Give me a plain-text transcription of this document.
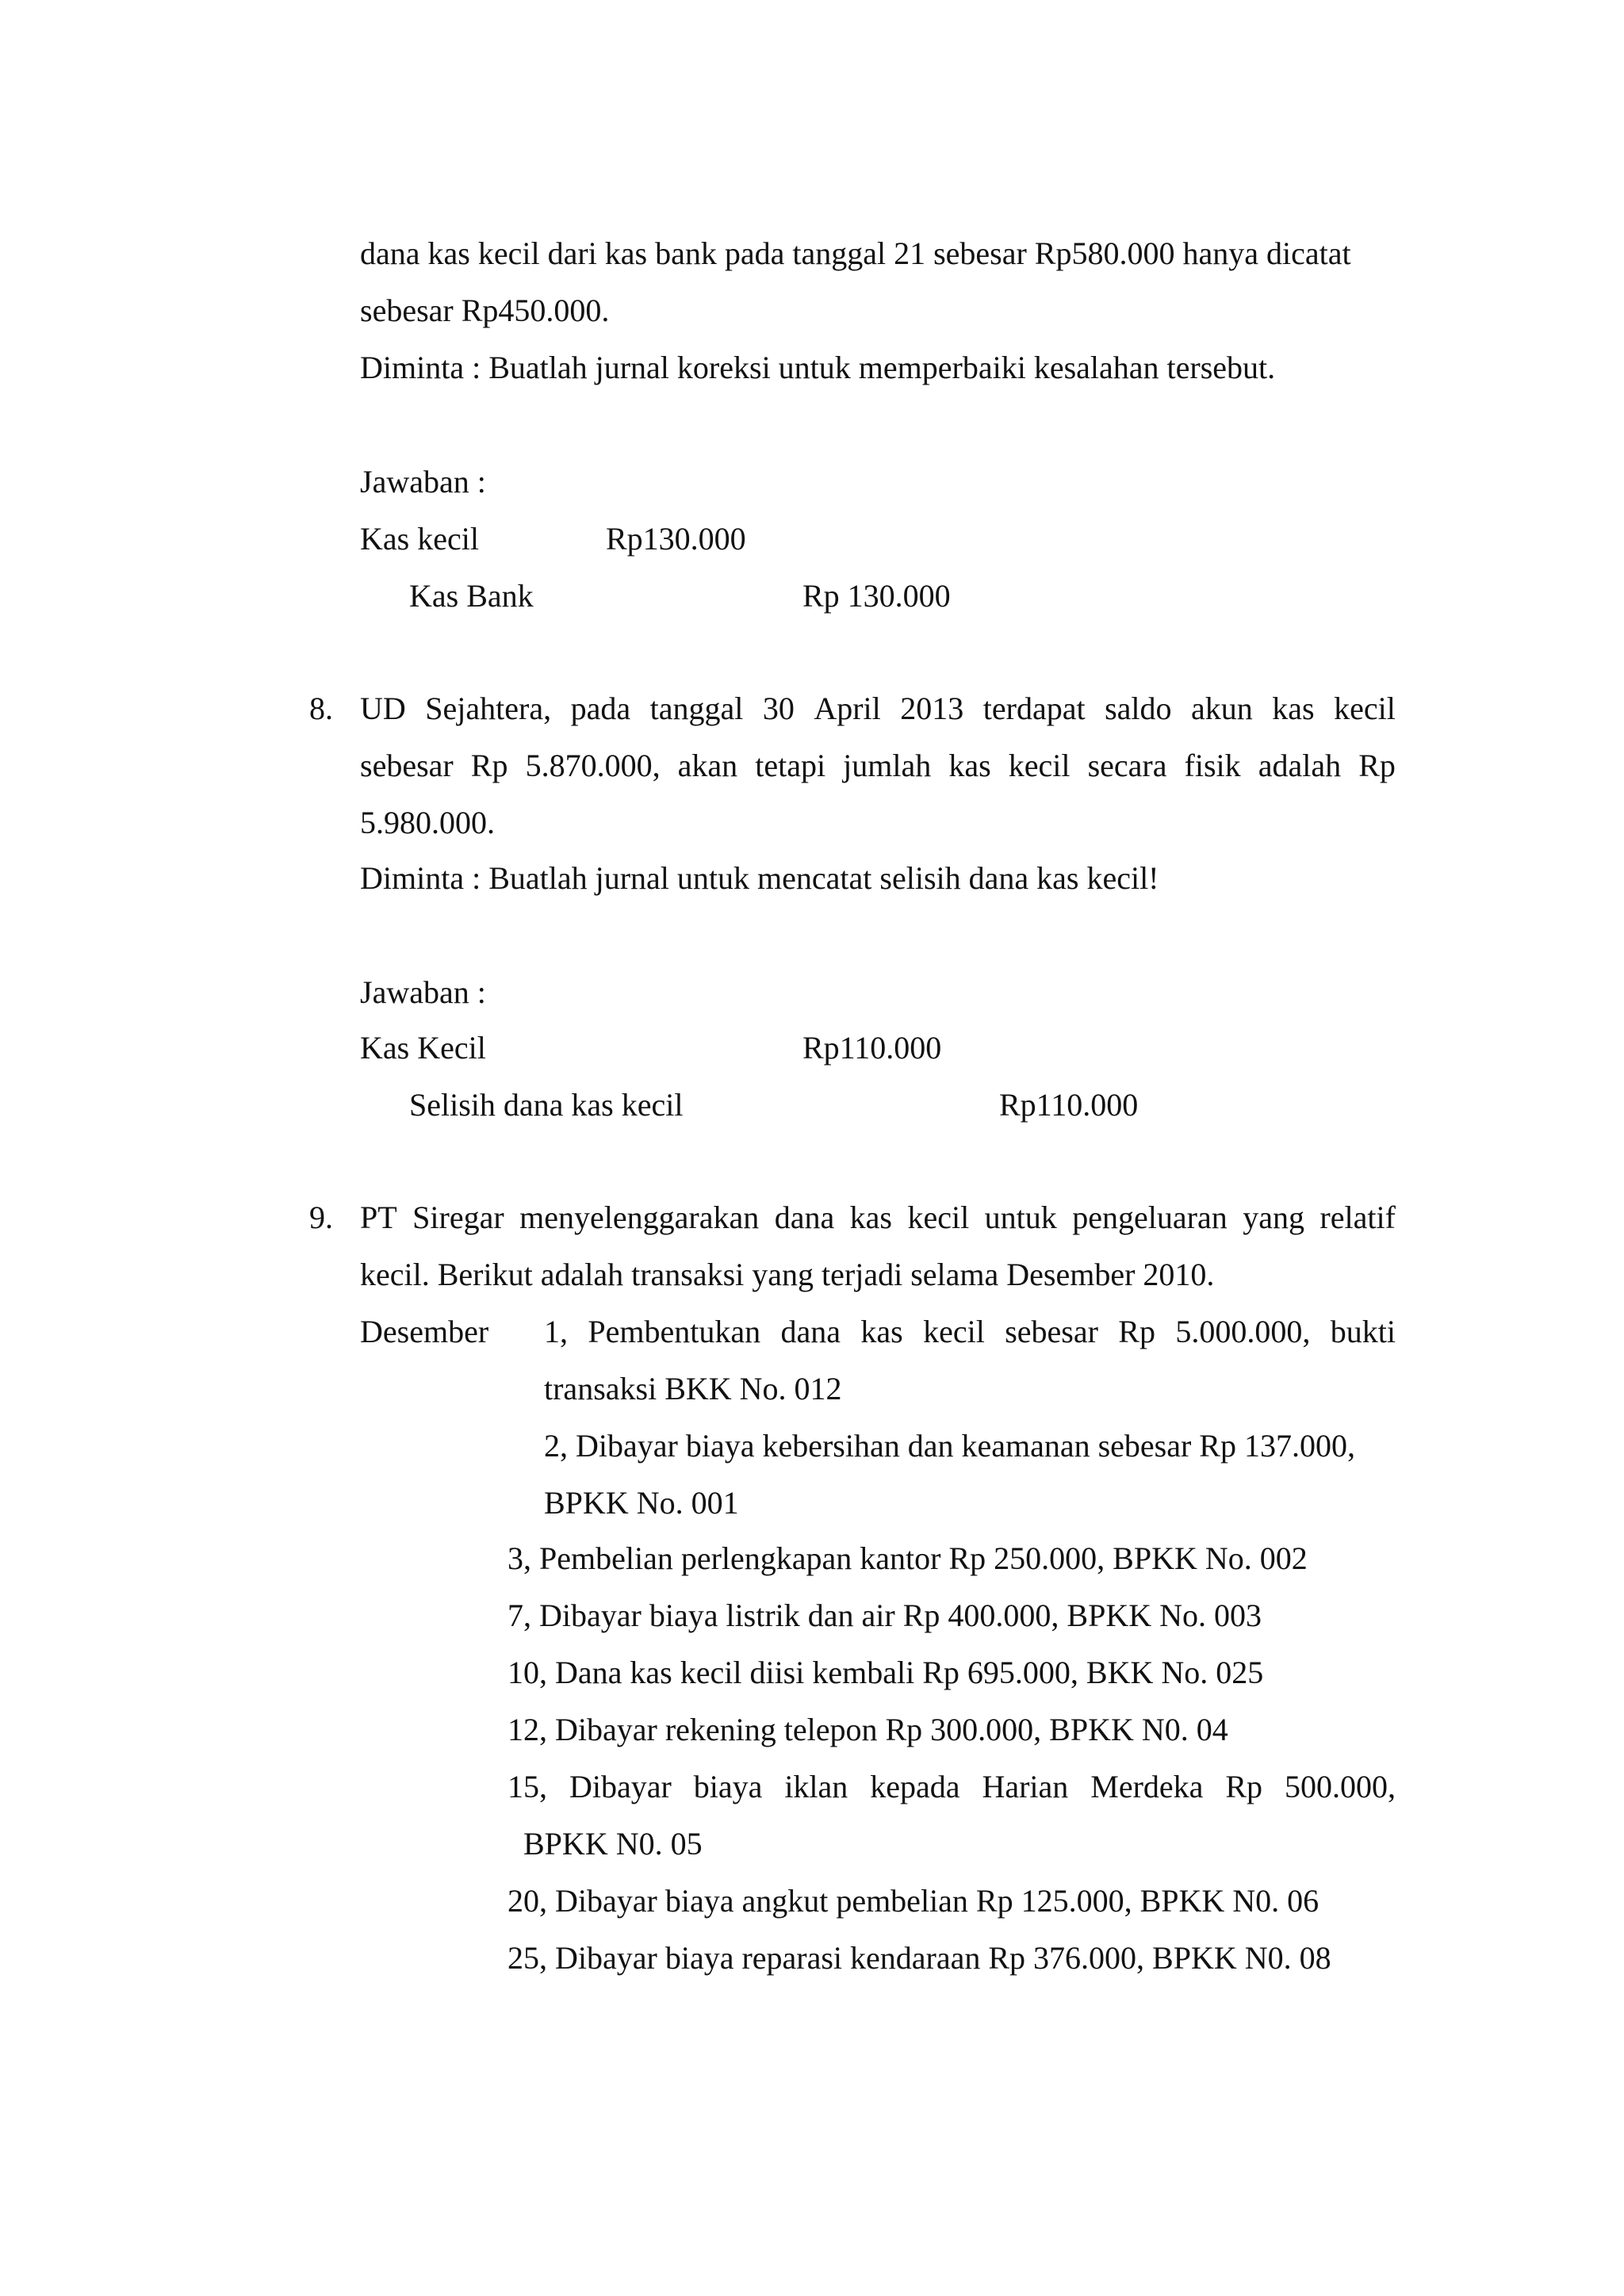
dana kas kecil dari kas bank pada tanggal 21 sebesar Rp580.000 hanya dicatat
sebesar Rp450.000.
Diminta : Buatlah jurnal koreksi untuk memperbaiki kesalahan tersebut.
Jawaban :
Kas kecil	Rp130.000
Kas Bank	Rp 130.000
8. UD Sejahtera, pada tanggal 30 April 2013 terdapat saldo akun kas kecil
sebesar Rp 5.870.000, akan tetapi jumlah kas kecil secara fisik adalah Rp
5.980.000.
Diminta : Buatlah jurnal untuk mencatat selisih dana kas kecil!
Jawaban :
Kas Kecil	Rp110.000
Selisih dana kas kecil	Rp110.000
9. PT Siregar menyelenggarakan dana kas kecil untuk pengeluaran yang relatif
kecil. Berikut adalah transaksi yang terjadi selama Desember 2010.
Desember 1, Pembentukan dana kas kecil sebesar Rp 5.000.000, bukti
transaksi BKK No. 012
2, Dibayar biaya kebersihan dan keamanan sebesar Rp 137.000,
BPKK No. 001
3, Pembelian perlengkapan kantor Rp 250.000, BPKK No. 002
7, Dibayar biaya listrik dan air Rp 400.000, BPKK No. 003
10, Dana kas kecil diisi kembali Rp 695.000, BKK No. 025
12, Dibayar rekening telepon Rp 300.000, BPKK N0. 04
15, Dibayar biaya iklan kepada Harian Merdeka Rp 500.000,
BPKK N0. 05
20, Dibayar biaya angkut pembelian Rp 125.000, BPKK N0. 06
25, Dibayar biaya reparasi kendaraan Rp 376.000, BPKK N0. 08
